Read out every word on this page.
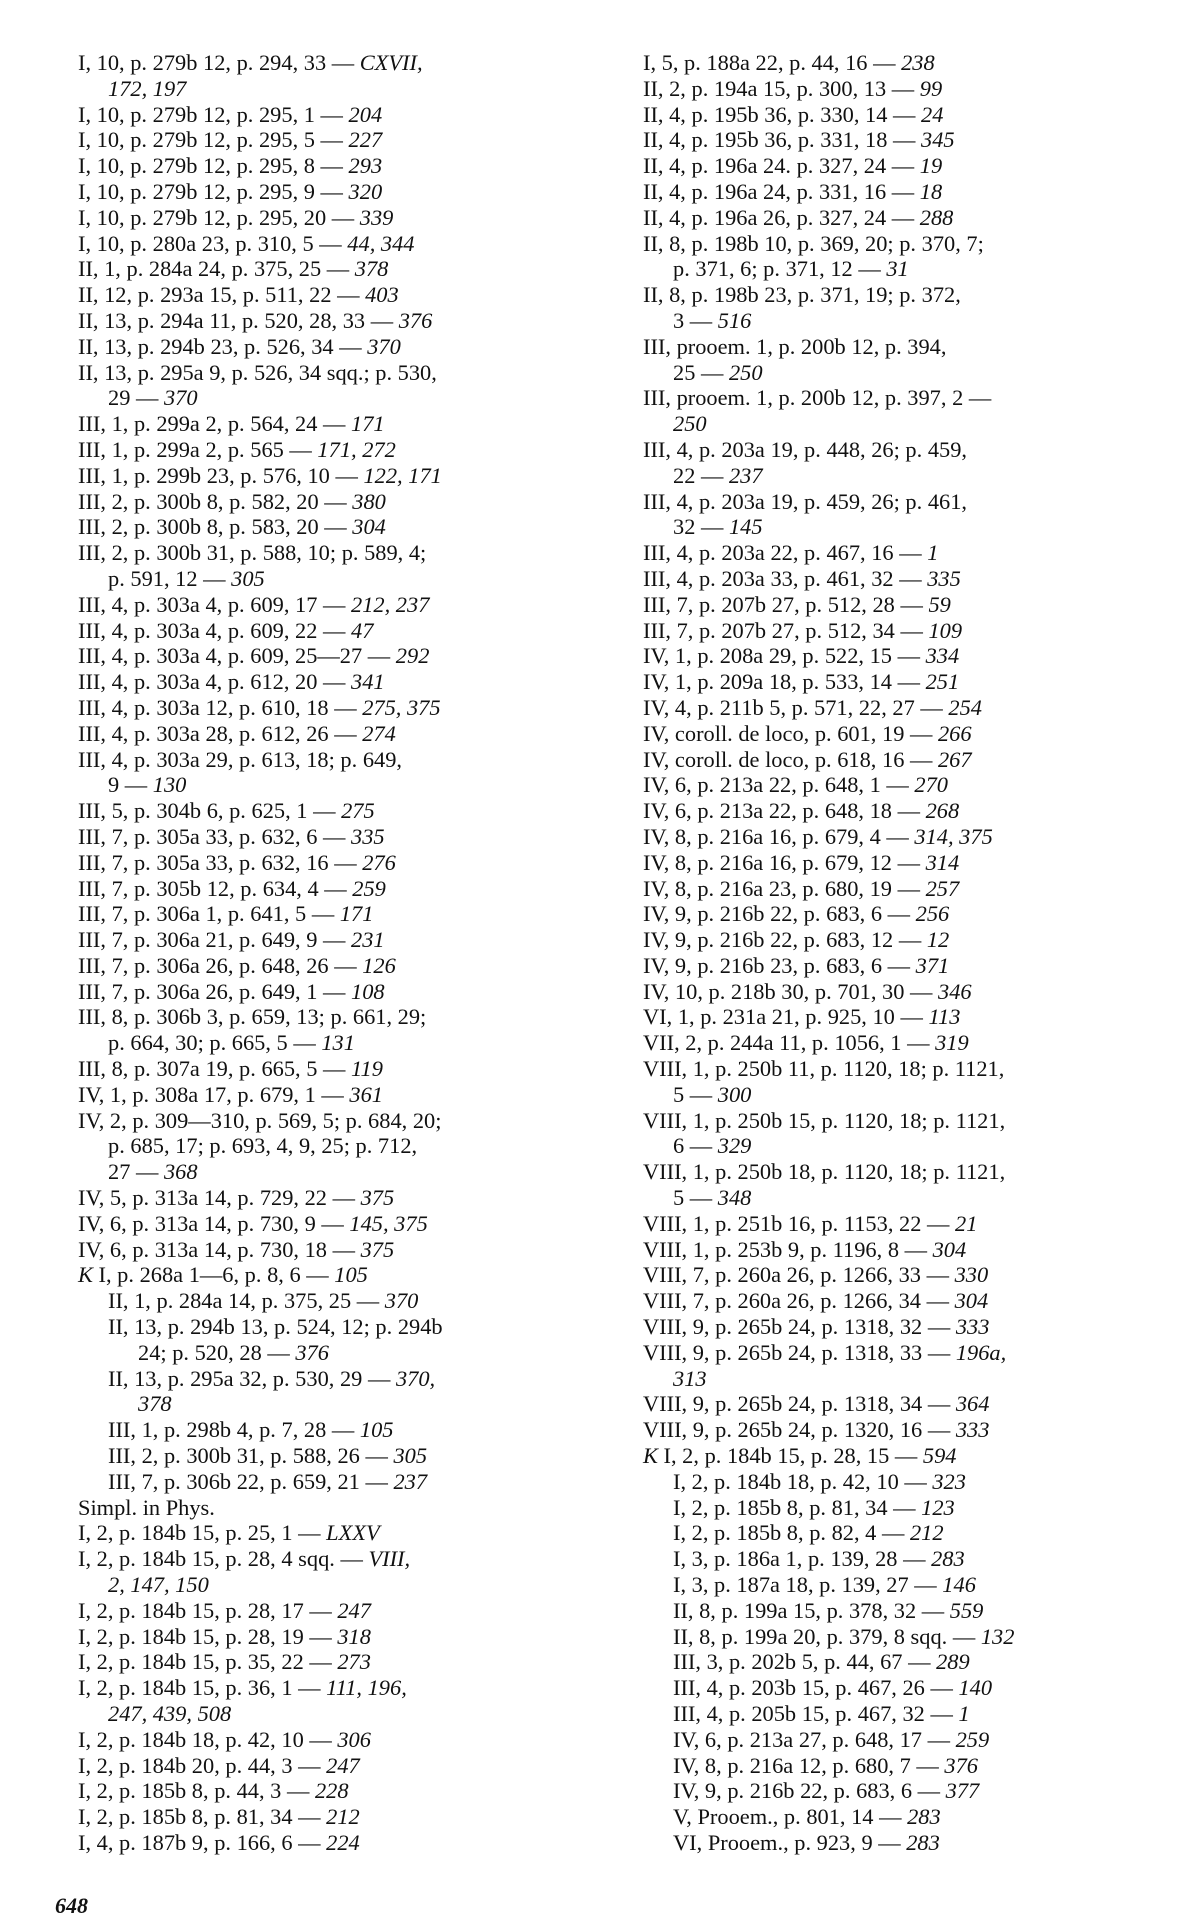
I, 10, p. 279b 12, p. 294, 33 — CXVII,
172, 197
I, 10, p. 279b 12, p. 295, 1 — 204
I, 10, p. 279b 12, p. 295, 5 — 227
I, 10, p. 279b 12, p. 295, 8 — 293
I, 10, p. 279b 12, p. 295, 9 — 320
I, 10, p. 279b 12, p. 295, 20 — 339
I, 10, p. 280a 23, p. 310, 5 — 44, 344
II, 1, p. 284a 24, p. 375, 25 — 378
II, 12, p. 293a 15, p. 511, 22 — 403
II, 13, p. 294a 11, p. 520, 28, 33 — 376
II, 13, p. 294b 23, p. 526, 34 — 370
II, 13, p. 295a 9, p. 526, 34 sqq.; p. 530,
29 — 370
III, 1, p. 299a 2, p. 564, 24 — 171
III, 1, p. 299a 2, p. 565 — 171, 272
III, 1, p. 299b 23, p. 576, 10 — 122, 171
III, 2, p. 300b 8, p. 582, 20 — 380
III, 2, p. 300b 8, p. 583, 20 — 304
III, 2, p. 300b 31, p. 588, 10; p. 589, 4;
p. 591, 12 — 305
III, 4, p. 303a 4, p. 609, 17 — 212, 237
III, 4, p. 303a 4, p. 609, 22 — 47
III, 4, p. 303a 4, p. 609, 25—27 — 292
III, 4, p. 303a 4, p. 612, 20 — 341
III, 4, p. 303a 12, p. 610, 18 — 275, 375
III, 4, p. 303a 28, p. 612, 26 — 274
III, 4, p. 303a 29, p. 613, 18; p. 649,
9 — 130
III, 5, p. 304b 6, p. 625, 1 — 275
III, 7, p. 305a 33, p. 632, 6 — 335
III, 7, p. 305a 33, p. 632, 16 — 276
III, 7, p. 305b 12, p. 634, 4 — 259
III, 7, p. 306a 1, p. 641, 5 — 171
III, 7, p. 306a 21, p. 649, 9 — 231
III, 7, p. 306a 26, p. 648, 26 — 126
III, 7, p. 306a 26, p. 649, 1 — 108
III, 8, p. 306b 3, p. 659, 13; p. 661, 29;
p. 664, 30; p. 665, 5 — 131
III, 8, p. 307a 19, p. 665, 5 — 119
IV, 1, p. 308a 17, p. 679, 1 — 361
IV, 2, p. 309—310, p. 569, 5; p. 684, 20;
p. 685, 17; p. 693, 4, 9, 25; p. 712,
27 — 368
IV, 5, p. 313a 14, p. 729, 22 — 375
IV, 6, p. 313a 14, p. 730, 9 — 145, 375
IV, 6, p. 313a 14, p. 730, 18 — 375
K I, p. 268a 1—6, p. 8, 6 — 105
II, 1, p. 284a 14, p. 375, 25 — 370
II, 13, p. 294b 13, p. 524, 12; p. 294b
24; p. 520, 28 — 376
II, 13, p. 295a 32, p. 530, 29 — 370,
378
III, 1, p. 298b 4, p. 7, 28 — 105
III, 2, p. 300b 31, p. 588, 26 — 305
III, 7, p. 306b 22, p. 659, 21 — 237
Simpl. in Phys.
I, 2, p. 184b 15, p. 25, 1 — LXXV
I, 2, p. 184b 15, p. 28, 4 sqq. — VIII,
2, 147, 150
I, 2, p. 184b 15, p. 28, 17 — 247
I, 2, p. 184b 15, p. 28, 19 — 318
I, 2, p. 184b 15, p. 35, 22 — 273
I, 2, p. 184b 15, p. 36, 1 — 111, 196,
247, 439, 508
I, 2, p. 184b 18, p. 42, 10 — 306
I, 2, p. 184b 20, p. 44, 3 — 247
I, 2, p. 185b 8, p. 44, 3 — 228
I, 2, p. 185b 8, p. 81, 34 — 212
I, 4, p. 187b 9, p. 166, 6 — 224
I, 5, p. 188a 22, p. 44, 16 — 238
II, 2, p. 194a 15, p. 300, 13 — 99
II, 4, p. 195b 36, p. 330, 14 — 24
II, 4, p. 195b 36, p. 331, 18 — 345
II, 4, p. 196a 24. p. 327, 24 — 19
II, 4, p. 196a 24, p. 331, 16 — 18
II, 4, p. 196a 26, p. 327, 24 — 288
II, 8, p. 198b 10, p. 369, 20; p. 370, 7;
p. 371, 6; p. 371, 12 — 31
II, 8, p. 198b 23, p. 371, 19; p. 372,
3 — 516
III, prooem. 1, p. 200b 12, p. 394,
25 — 250
III, prooem. 1, p. 200b 12, p. 397, 2 —
250
III, 4, p. 203a 19, p. 448, 26; p. 459,
22 — 237
III, 4, p. 203a 19, p. 459, 26; p. 461,
32 — 145
III, 4, p. 203a 22, p. 467, 16 — 1
III, 4, p. 203a 33, p. 461, 32 — 335
III, 7, p. 207b 27, p. 512, 28 — 59
III, 7, p. 207b 27, p. 512, 34 — 109
IV, 1, p. 208a 29, p. 522, 15 — 334
IV, 1, p. 209a 18, p. 533, 14 — 251
IV, 4, p. 211b 5, p. 571, 22, 27 — 254
IV, coroll. de loco, p. 601, 19 — 266
IV, coroll. de loco, p. 618, 16 — 267
IV, 6, p. 213a 22, p. 648, 1 — 270
IV, 6, p. 213a 22, p. 648, 18 — 268
IV, 8, p. 216a 16, p. 679, 4 — 314, 375
IV, 8, p. 216a 16, p. 679, 12 — 314
IV, 8, p. 216a 23, p. 680, 19 — 257
IV, 9, p. 216b 22, p. 683, 6 — 256
IV, 9, p. 216b 22, p. 683, 12 — 12
IV, 9, p. 216b 23, p. 683, 6 — 371
IV, 10, p. 218b 30, p. 701, 30 — 346
VI, 1, p. 231a 21, p. 925, 10 — 113
VII, 2, p. 244a 11, p. 1056, 1 — 319
VIII, 1, p. 250b 11, p. 1120, 18; p. 1121,
5 — 300
VIII, 1, p. 250b 15, p. 1120, 18; p. 1121,
6 — 329
VIII, 1, p. 250b 18, p. 1120, 18; p. 1121,
5 — 348
VIII, 1, p. 251b 16, p. 1153, 22 — 21
VIII, 1, p. 253b 9, p. 1196, 8 — 304
VIII, 7, p. 260a 26, p. 1266, 33 — 330
VIII, 7, p. 260a 26, p. 1266, 34 — 304
VIII, 9, p. 265b 24, p. 1318, 32 — 333
VIII, 9, p. 265b 24, p. 1318, 33 — 196a,
313
VIII, 9, p. 265b 24, p. 1318, 34 — 364
VIII, 9, p. 265b 24, p. 1320, 16 — 333
K I, 2, p. 184b 15, p. 28, 15 — 594
I, 2, p. 184b 18, p. 42, 10 — 323
I, 2, p. 185b 8, p. 81, 34 — 123
I, 2, p. 185b 8, p. 82, 4 — 212
I, 3, p. 186a 1, p. 139, 28 — 283
I, 3, p. 187a 18, p. 139, 27 — 146
II, 8, p. 199a 15, p. 378, 32 — 559
II, 8, p. 199a 20, p. 379, 8 sqq. — 132
III, 3, p. 202b 5, p. 44, 67 — 289
III, 4, p. 203b 15, p. 467, 26 — 140
III, 4, p. 205b 15, p. 467, 32 — 1
IV, 6, p. 213a 27, p. 648, 17 — 259
IV, 8, p. 216a 12, p. 680, 7 — 376
IV, 9, p. 216b 22, p. 683, 6 — 377
V, Prooem., p. 801, 14 — 283
VI, Prooem., p. 923, 9 — 283
648
